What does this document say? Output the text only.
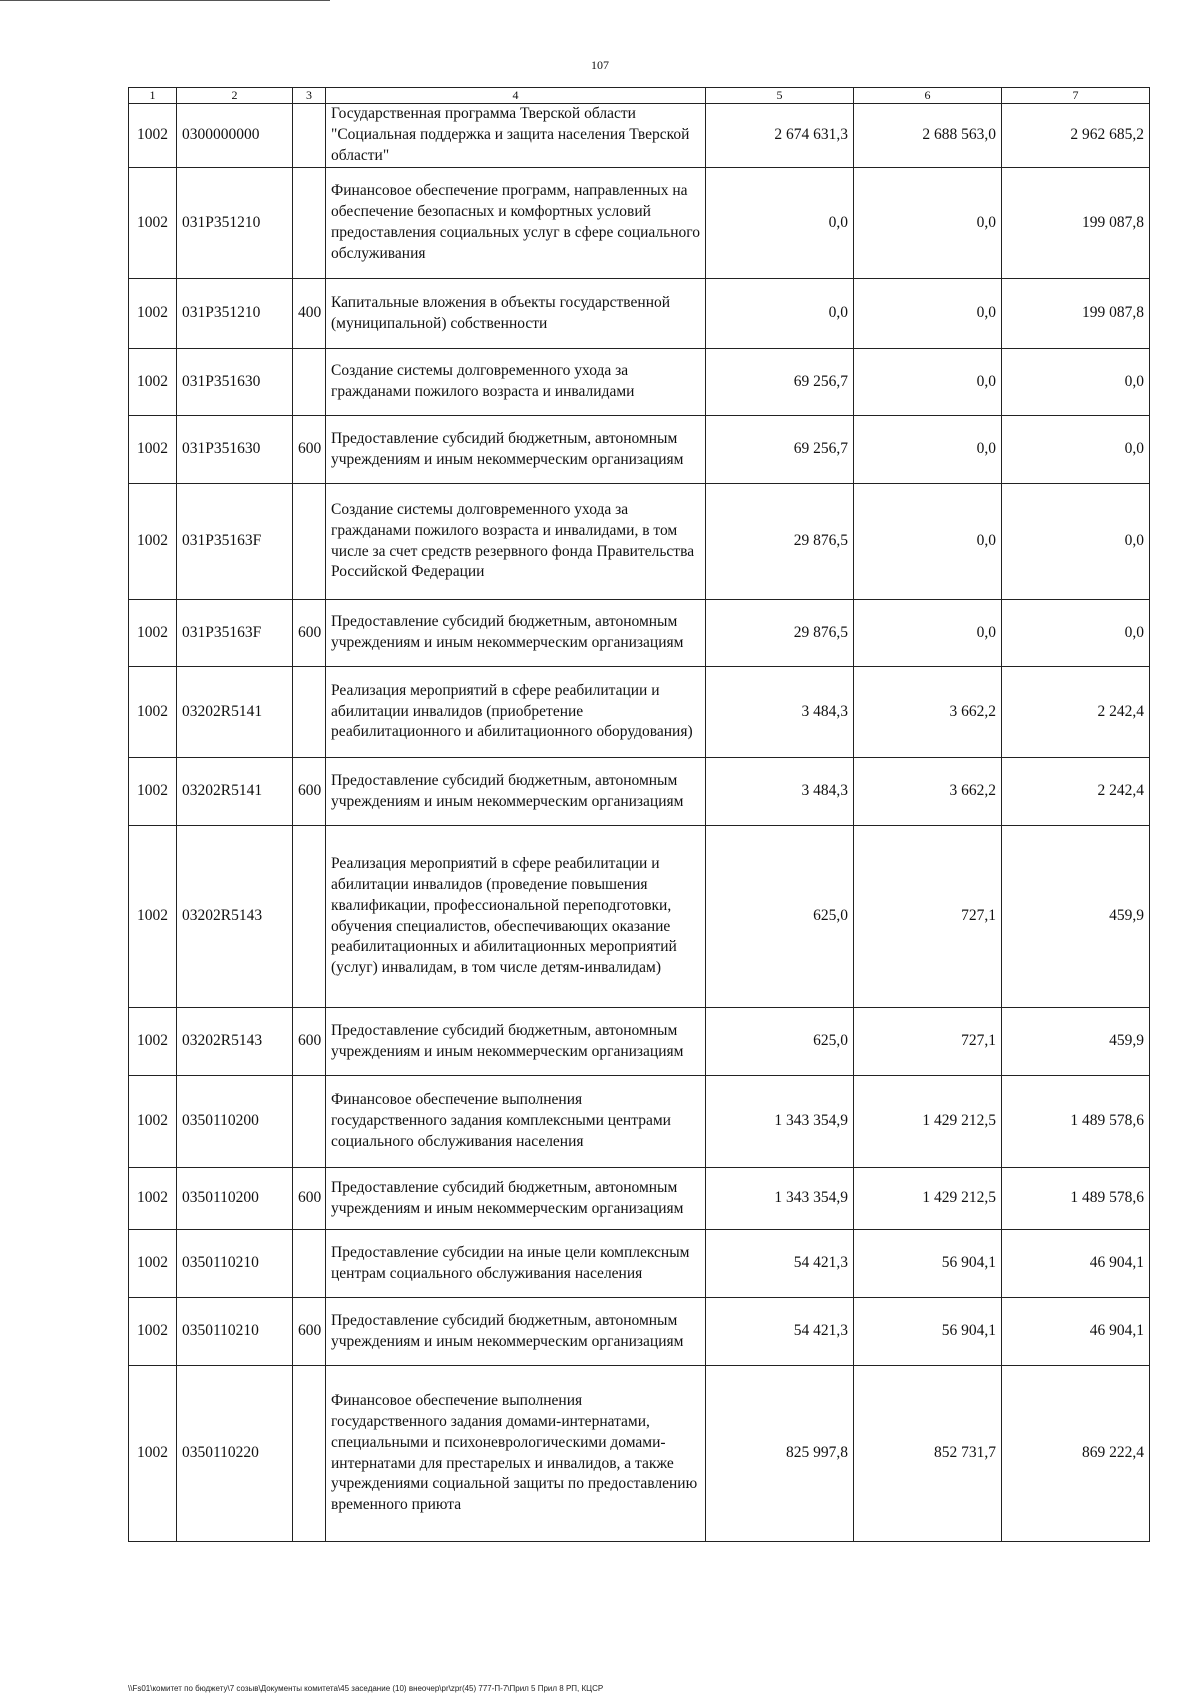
107
1	2	3	4	5	6	7
1002	0300000000		Государственная программа Тверской области "Социальная поддержка и защита населения Тверской области"	2 674 631,3	2 688 563,0	2 962 685,2
1002	031P351210		Финансовое обеспечение программ, направленных на обеспечение безопасных и комфортных условий предоставления социальных услуг в сфере социального обслуживания	0,0	0,0	199 087,8
1002	031P351210	400	Капитальные вложения в объекты государственной (муниципальной) собственности	0,0	0,0	199 087,8
1002	031P351630		Создание системы долговременного ухода за гражданами пожилого возраста и инвалидами	69 256,7	0,0	0,0
1002	031P351630	600	Предоставление субсидий бюджетным, автономным учреждениям и иным некоммерческим организациям	69 256,7	0,0	0,0
1002	031P35163F		Создание системы долговременного ухода за гражданами пожилого возраста и инвалидами, в том числе за счет средств резервного фонда Правительства Российской Федерации	29 876,5	0,0	0,0
1002	031P35163F	600	Предоставление субсидий бюджетным, автономным учреждениям и иным некоммерческим организациям	29 876,5	0,0	0,0
1002	03202R5141		Реализация мероприятий в сфере реабилитации и абилитации инвалидов (приобретение реабилитационного и абилитационного оборудования)	3 484,3	3 662,2	2 242,4
1002	03202R5141	600	Предоставление субсидий бюджетным, автономным учреждениям и иным некоммерческим организациям	3 484,3	3 662,2	2 242,4
1002	03202R5143		Реализация мероприятий в сфере реабилитации и абилитации инвалидов (проведение повышения квалификации, профессиональной переподготовки, обучения специалистов, обеспечивающих оказание реабилитационных и абилитационных мероприятий (услуг) инвалидам, в том числе детям-инвалидам)	625,0	727,1	459,9
1002	03202R5143	600	Предоставление субсидий бюджетным, автономным учреждениям и иным некоммерческим организациям	625,0	727,1	459,9
1002	0350110200		Финансовое обеспечение выполнения государственного задания комплексными центрами социального обслуживания населения	1 343 354,9	1 429 212,5	1 489 578,6
1002	0350110200	600	Предоставление субсидий бюджетным, автономным учреждениям и иным некоммерческим организациям	1 343 354,9	1 429 212,5	1 489 578,6
1002	0350110210		Предоставление субсидии на иные цели комплексным центрам социального обслуживания населения	54 421,3	56 904,1	46 904,1
1002	0350110210	600	Предоставление субсидий бюджетным, автономным учреждениям и иным некоммерческим организациям	54 421,3	56 904,1	46 904,1
1002	0350110220		Финансовое обеспечение выполнения государственного задания домами-интернатами, специальными и психоневрологическими домами-интернатами для престарелых и инвалидов, а также учреждениями социальной защиты по предоставлению временного приюта	825 997,8	852 731,7	869 222,4
\\Fs01\комитет по бюджету\7 созыв\Документы комитета\45 заседание (10) внеочер\pr\zpr(45) 777-П-7\Прил 5 Прил 8 РП, КЦСР
